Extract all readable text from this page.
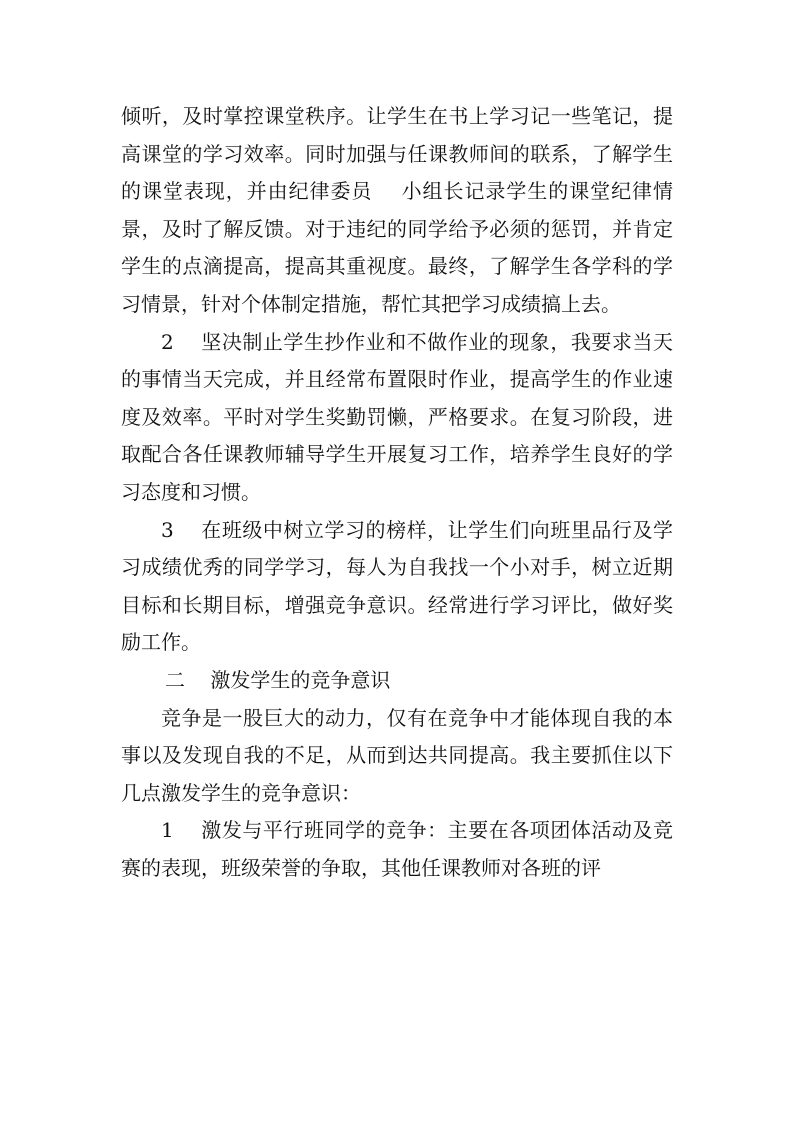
倾听，及时掌控课堂秩序。让学生在书上学习记一些笔记，提高课堂的学习效率。同时加强与任课教师间的联系，了解学生的课堂表现，并由纪律委员    小组长记录学生的课堂纪律情景，及时了解反馈。对于违纪的同学给予必须的惩罚，并肯定学生的点滴提高，提高其重视度。最终，了解学生各学科的学习情景，针对个体制定措施，帮忙其把学习成绩搞上去。

2    坚决制止学生抄作业和不做作业的现象，我要求当天的事情当天完成，并且经常布置限时作业，提高学生的作业速度及效率。平时对学生奖勤罚懒，严格要求。在复习阶段，进取配合各任课教师辅导学生开展复习工作，培养学生良好的学习态度和习惯。

3    在班级中树立学习的榜样，让学生们向班里品行及学习成绩优秀的同学学习，每人为自我找一个小对手，树立近期目标和长期目标，增强竞争意识。经常进行学习评比，做好奖励工作。

二    激发学生的竞争意识

竞争是一股巨大的动力，仅有在竞争中才能体现自我的本事以及发现自我的不足，从而到达共同提高。我主要抓住以下几点激发学生的竞争意识：

1    激发与平行班同学的竞争：主要在各项团体活动及竞赛的表现，班级荣誉的争取，其他任课教师对各班的评
